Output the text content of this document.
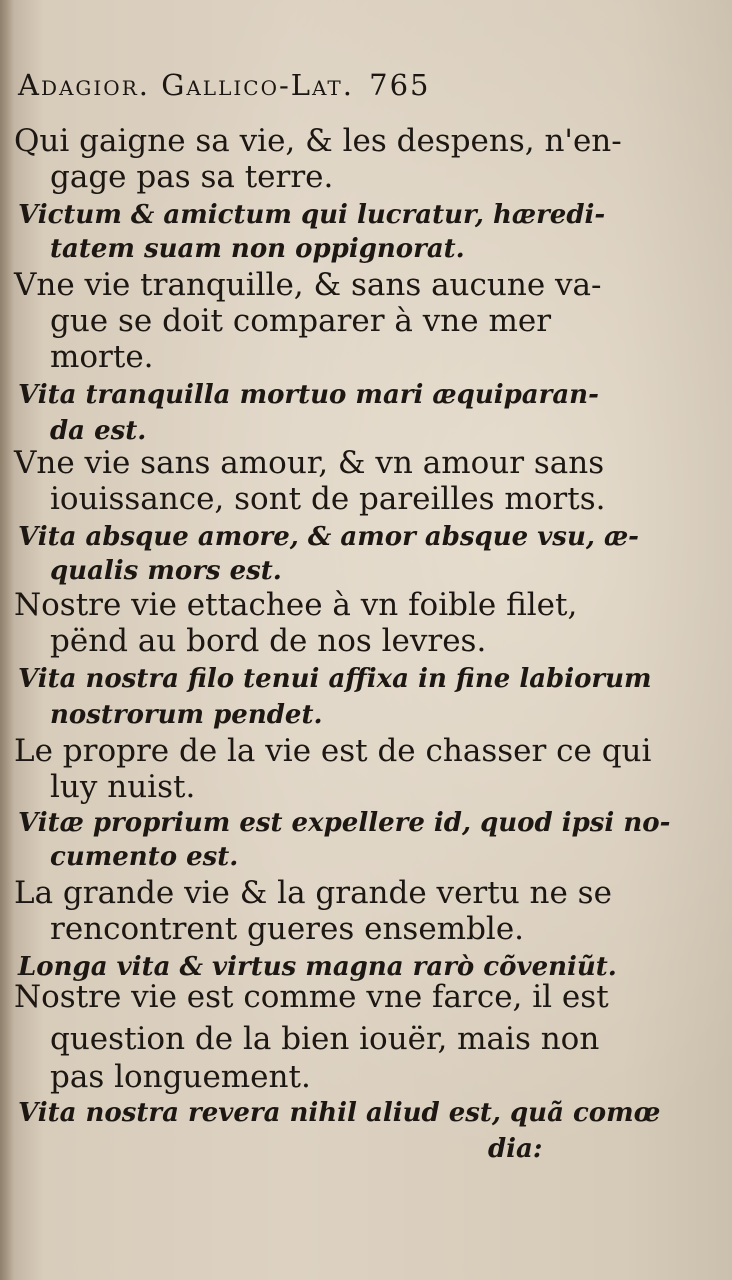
Adagior. Gallico-Lat. 765
Qui gaigne sa vie, & les despens, n'en-
gage pas sa terre.
Victum & amictum qui lucratur, hæredi-
tatem suam non oppignorat.
Vne vie tranquille, & sans aucune va-
gue se doit comparer à vne mer
morte.
Vita tranquilla mortuo mari æquiparan-
da est.
Vne vie sans amour, & vn amour sans
iouissance, sont de pareilles morts.
Vita absque amore, & amor absque vsu, æ-
qualis mors est.
Nostre vie ettachee à vn foible filet,
pënd au bord de nos levres.
Vita nostra filo tenui affixa in fine labiorum
nostrorum pendet.
Le propre de la vie est de chasser ce qui
luy nuist.
Vitæ proprium est expellere id, quod ipsi no-
cumento est.
La grande vie & la grande vertu ne se
rencontrent gueres ensemble.
Longa vita & virtus magna rarò cõveniũt.
Nostre vie est comme vne farce, il est
question de la bien iouër, mais non
pas longuement.
Vita nostra revera nihil aliud est, quã comœ
dia:
